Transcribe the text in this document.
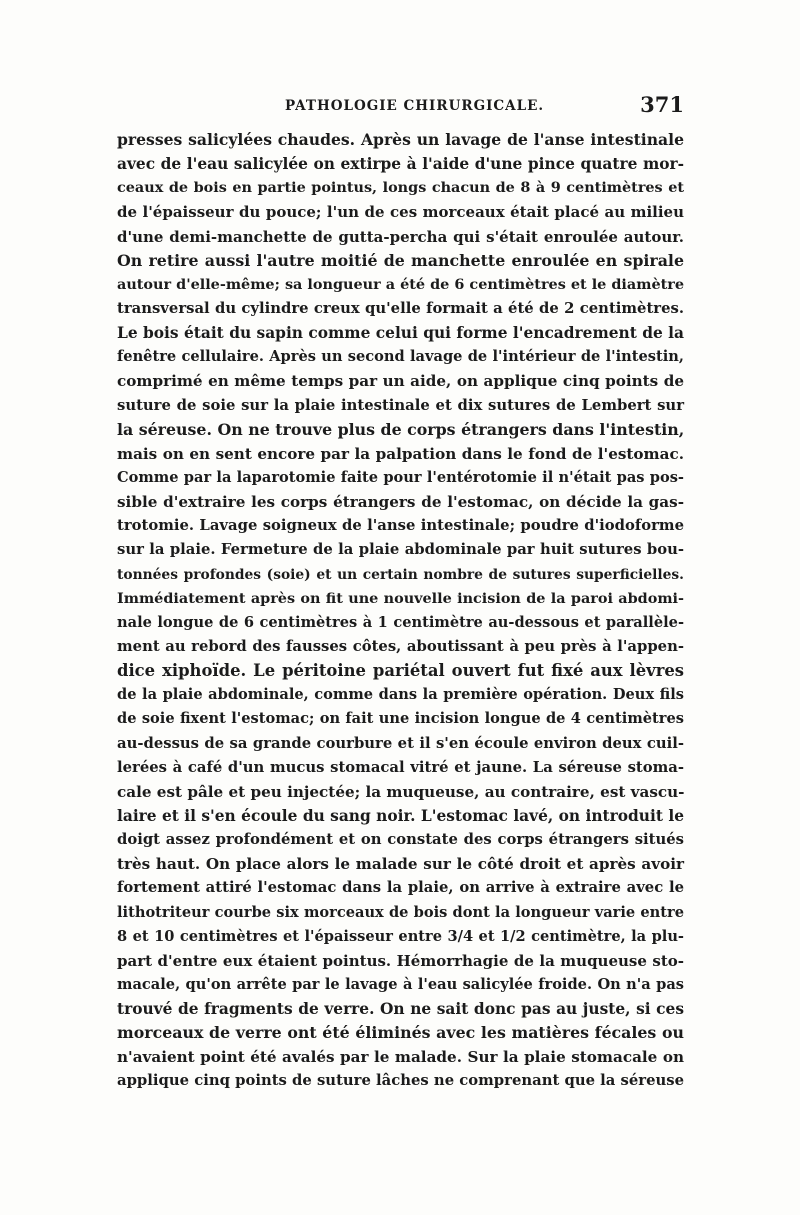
PATHOLOGIE CHIRURGICALE.	371
presses salicylées chaudes. Après un lavage de l'anse intestinale
avec de l'eau salicylée on extirpe à l'aide d'une pince quatre mor-
ceaux de bois en partie pointus, longs chacun de 8 à 9 centimètres et
de l'épaisseur du pouce; l'un de ces morceaux était placé au milieu
d'une demi-manchette de gutta-percha qui s'était enroulée autour.
On retire aussi l'autre moitié de manchette enroulée en spirale
autour d'elle-même; sa longueur a été de 6 centimètres et le diamètre
transversal du cylindre creux qu'elle formait a été de 2 centimètres.
Le bois était du sapin comme celui qui forme l'encadrement de la
fenêtre cellulaire. Après un second lavage de l'intérieur de l'intestin,
comprimé en même temps par un aide, on applique cinq points de
suture de soie sur la plaie intestinale et dix sutures de Lembert sur
la séreuse. On ne trouve plus de corps étrangers dans l'intestin,
mais on en sent encore par la palpation dans le fond de l'estomac.
Comme par la laparotomie faite pour l'entérotomie il n'était pas pos-
sible d'extraire les corps étrangers de l'estomac, on décide la gas-
trotomie. Lavage soigneux de l'anse intestinale; poudre d'iodoforme
sur la plaie. Fermeture de la plaie abdominale par huit sutures bou-
tonnées profondes (soie) et un certain nombre de sutures superficielles.
Immédiatement après on fit une nouvelle incision de la paroi abdomi-
nale longue de 6 centimètres à 1 centimètre au-dessous et parallèle-
ment au rebord des fausses côtes, aboutissant à peu près à l'appen-
dice xiphoïde. Le péritoine pariétal ouvert fut fixé aux lèvres
de la plaie abdominale, comme dans la première opération. Deux fils
de soie fixent l'estomac; on fait une incision longue de 4 centimètres
au-dessus de sa grande courbure et il s'en écoule environ deux cuil-
lerées à café d'un mucus stomacal vitré et jaune. La séreuse stoma-
cale est pâle et peu injectée; la muqueuse, au contraire, est vascu-
laire et il s'en écoule du sang noir. L'estomac lavé, on introduit le
doigt assez profondément et on constate des corps étrangers situés
très haut. On place alors le malade sur le côté droit et après avoir
fortement attiré l'estomac dans la plaie, on arrive à extraire avec le
lithotriteur courbe six morceaux de bois dont la longueur varie entre
8 et 10 centimètres et l'épaisseur entre 3/4 et 1/2 centimètre, la plu-
part d'entre eux étaient pointus. Hémorrhagie de la muqueuse sto-
macale, qu'on arrête par le lavage à l'eau salicylée froide. On n'a pas
trouvé de fragments de verre. On ne sait donc pas au juste, si ces
morceaux de verre ont été éliminés avec les matières fécales ou
n'avaient point été avalés par le malade. Sur la plaie stomacale on
applique cinq points de suture lâches ne comprenant que la séreuse
